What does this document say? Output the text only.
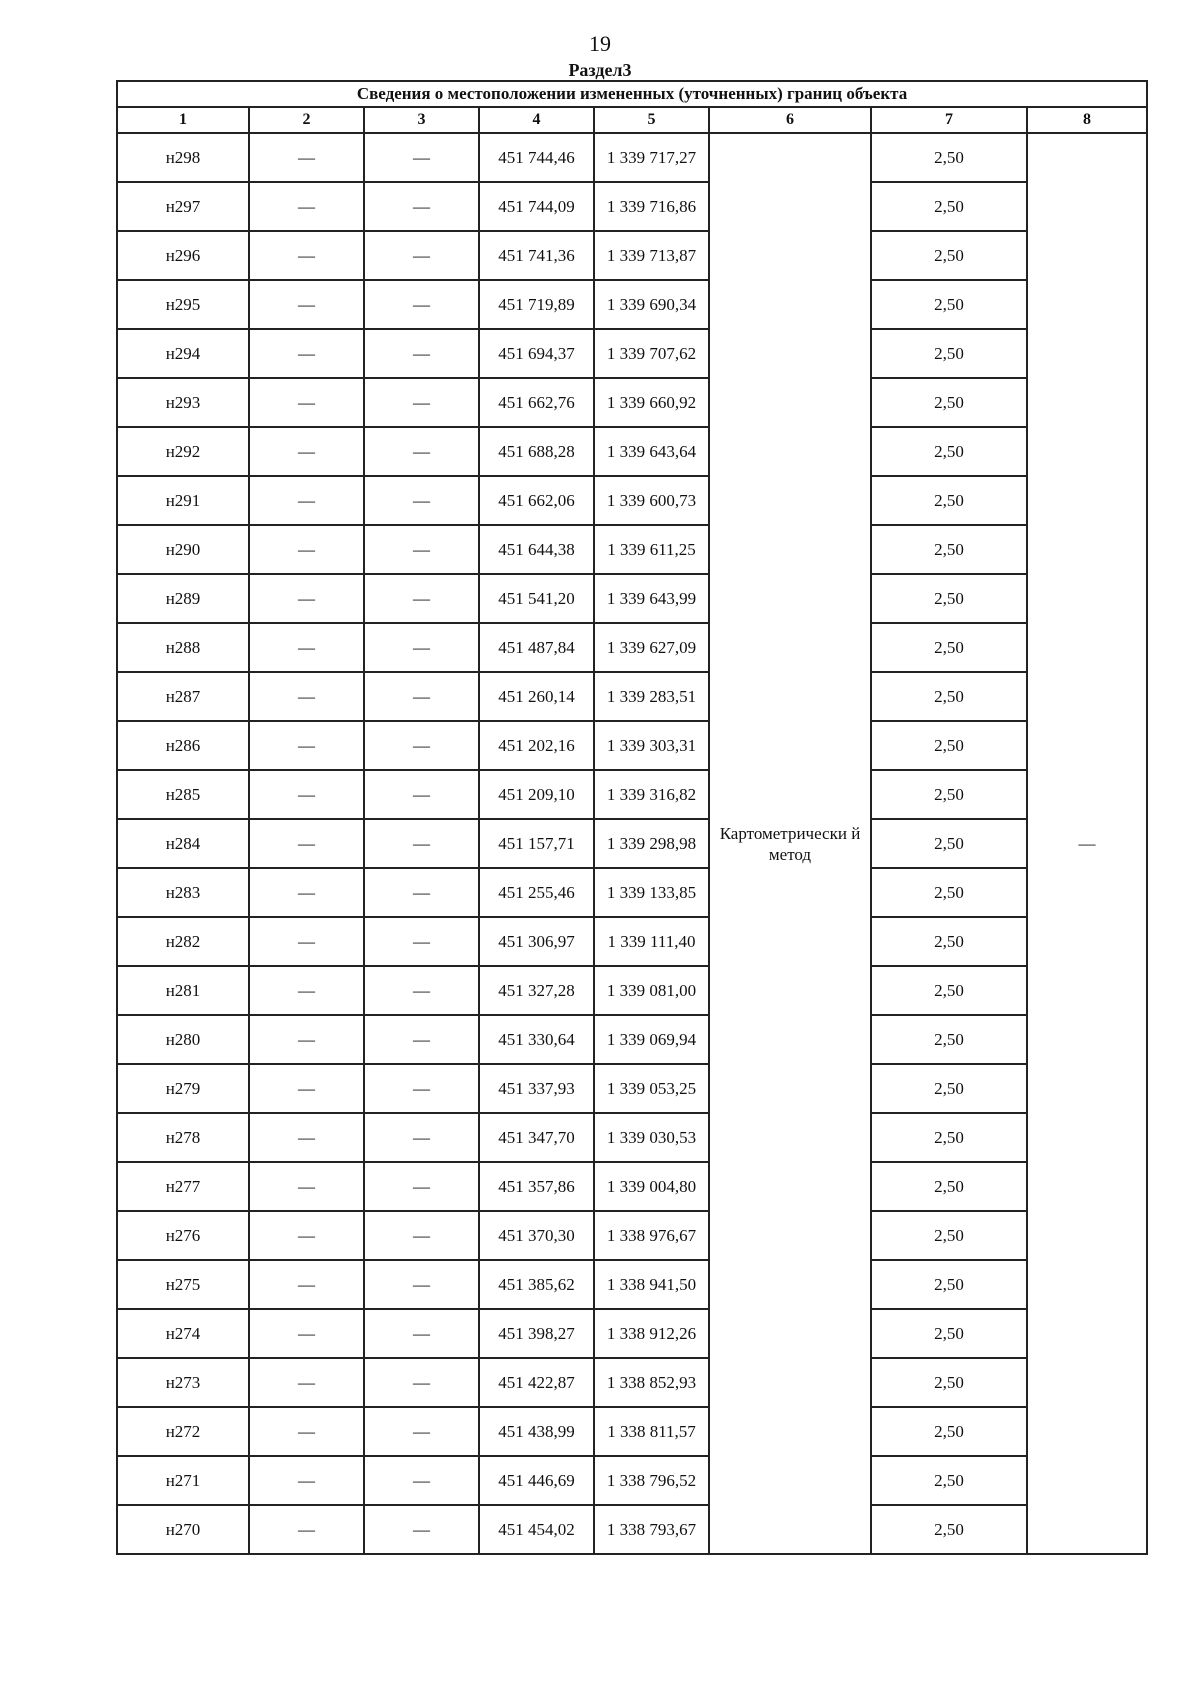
19
Раздел3
Сведения о местоположении измененных (уточненных) границ объекта							
1	2	3	4	5	6	7	8
н298	—	—	451 744,46	1 339 717,27	Картометрически й метод	2,50	—
н297	—	—	451 744,09	1 339 716,86		2,50	
н296	—	—	451 741,36	1 339 713,87		2,50	
н295	—	—	451 719,89	1 339 690,34		2,50	
н294	—	—	451 694,37	1 339 707,62		2,50	
н293	—	—	451 662,76	1 339 660,92		2,50	
н292	—	—	451 688,28	1 339 643,64		2,50	
н291	—	—	451 662,06	1 339 600,73		2,50	
н290	—	—	451 644,38	1 339 611,25		2,50	
н289	—	—	451 541,20	1 339 643,99		2,50	
н288	—	—	451 487,84	1 339 627,09		2,50	
н287	—	—	451 260,14	1 339 283,51		2,50	
н286	—	—	451 202,16	1 339 303,31		2,50	
н285	—	—	451 209,10	1 339 316,82		2,50	
н284	—	—	451 157,71	1 339 298,98		2,50	
н283	—	—	451 255,46	1 339 133,85		2,50	
н282	—	—	451 306,97	1 339 111,40		2,50	
н281	—	—	451 327,28	1 339 081,00		2,50	
н280	—	—	451 330,64	1 339 069,94		2,50	
н279	—	—	451 337,93	1 339 053,25		2,50	
н278	—	—	451 347,70	1 339 030,53		2,50	
н277	—	—	451 357,86	1 339 004,80		2,50	
н276	—	—	451 370,30	1 338 976,67		2,50	
н275	—	—	451 385,62	1 338 941,50		2,50	
н274	—	—	451 398,27	1 338 912,26		2,50	
н273	—	—	451 422,87	1 338 852,93		2,50	
н272	—	—	451 438,99	1 338 811,57		2,50	
н271	—	—	451 446,69	1 338 796,52		2,50	
н270	—	—	451 454,02	1 338 793,67		2,50	
